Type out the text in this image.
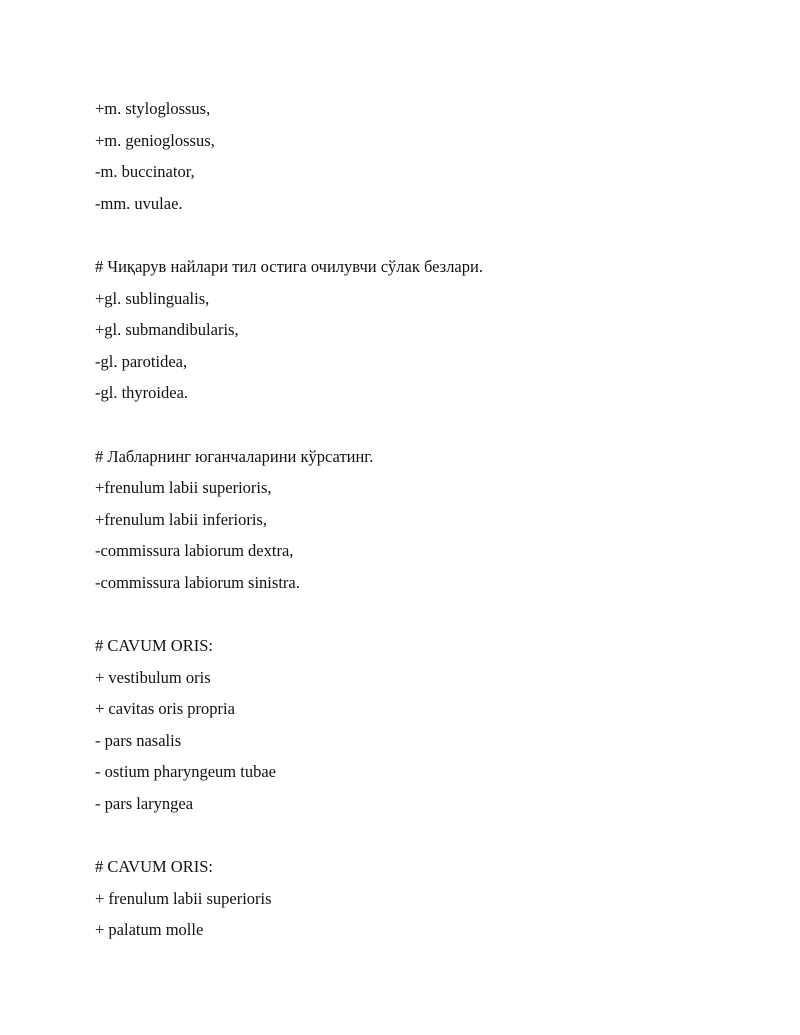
+m. styloglossus,
+m. genioglossus,
-m. buccinator,
-mm. uvulae.
# Чиқарув найлари тил остига очилувчи сўлак безлари.
+gl. sublingualis,
+gl. submandibularis,
-gl. parotidea,
-gl. thyroidea.
# Лабларнинг юганчаларини кўрсатинг.
+frenulum labii superioris,
+frenulum labii inferioris,
-commissura labiorum dextra,
-commissura labiorum sinistra.
# CAVUM ORIS:
+ vestibulum oris
+ cavitas oris propria
- pars nasalis
- ostium pharyngeum tubae
- pars laryngea
# CAVUM ORIS:
+ frenulum labii superioris
+ palatum molle
